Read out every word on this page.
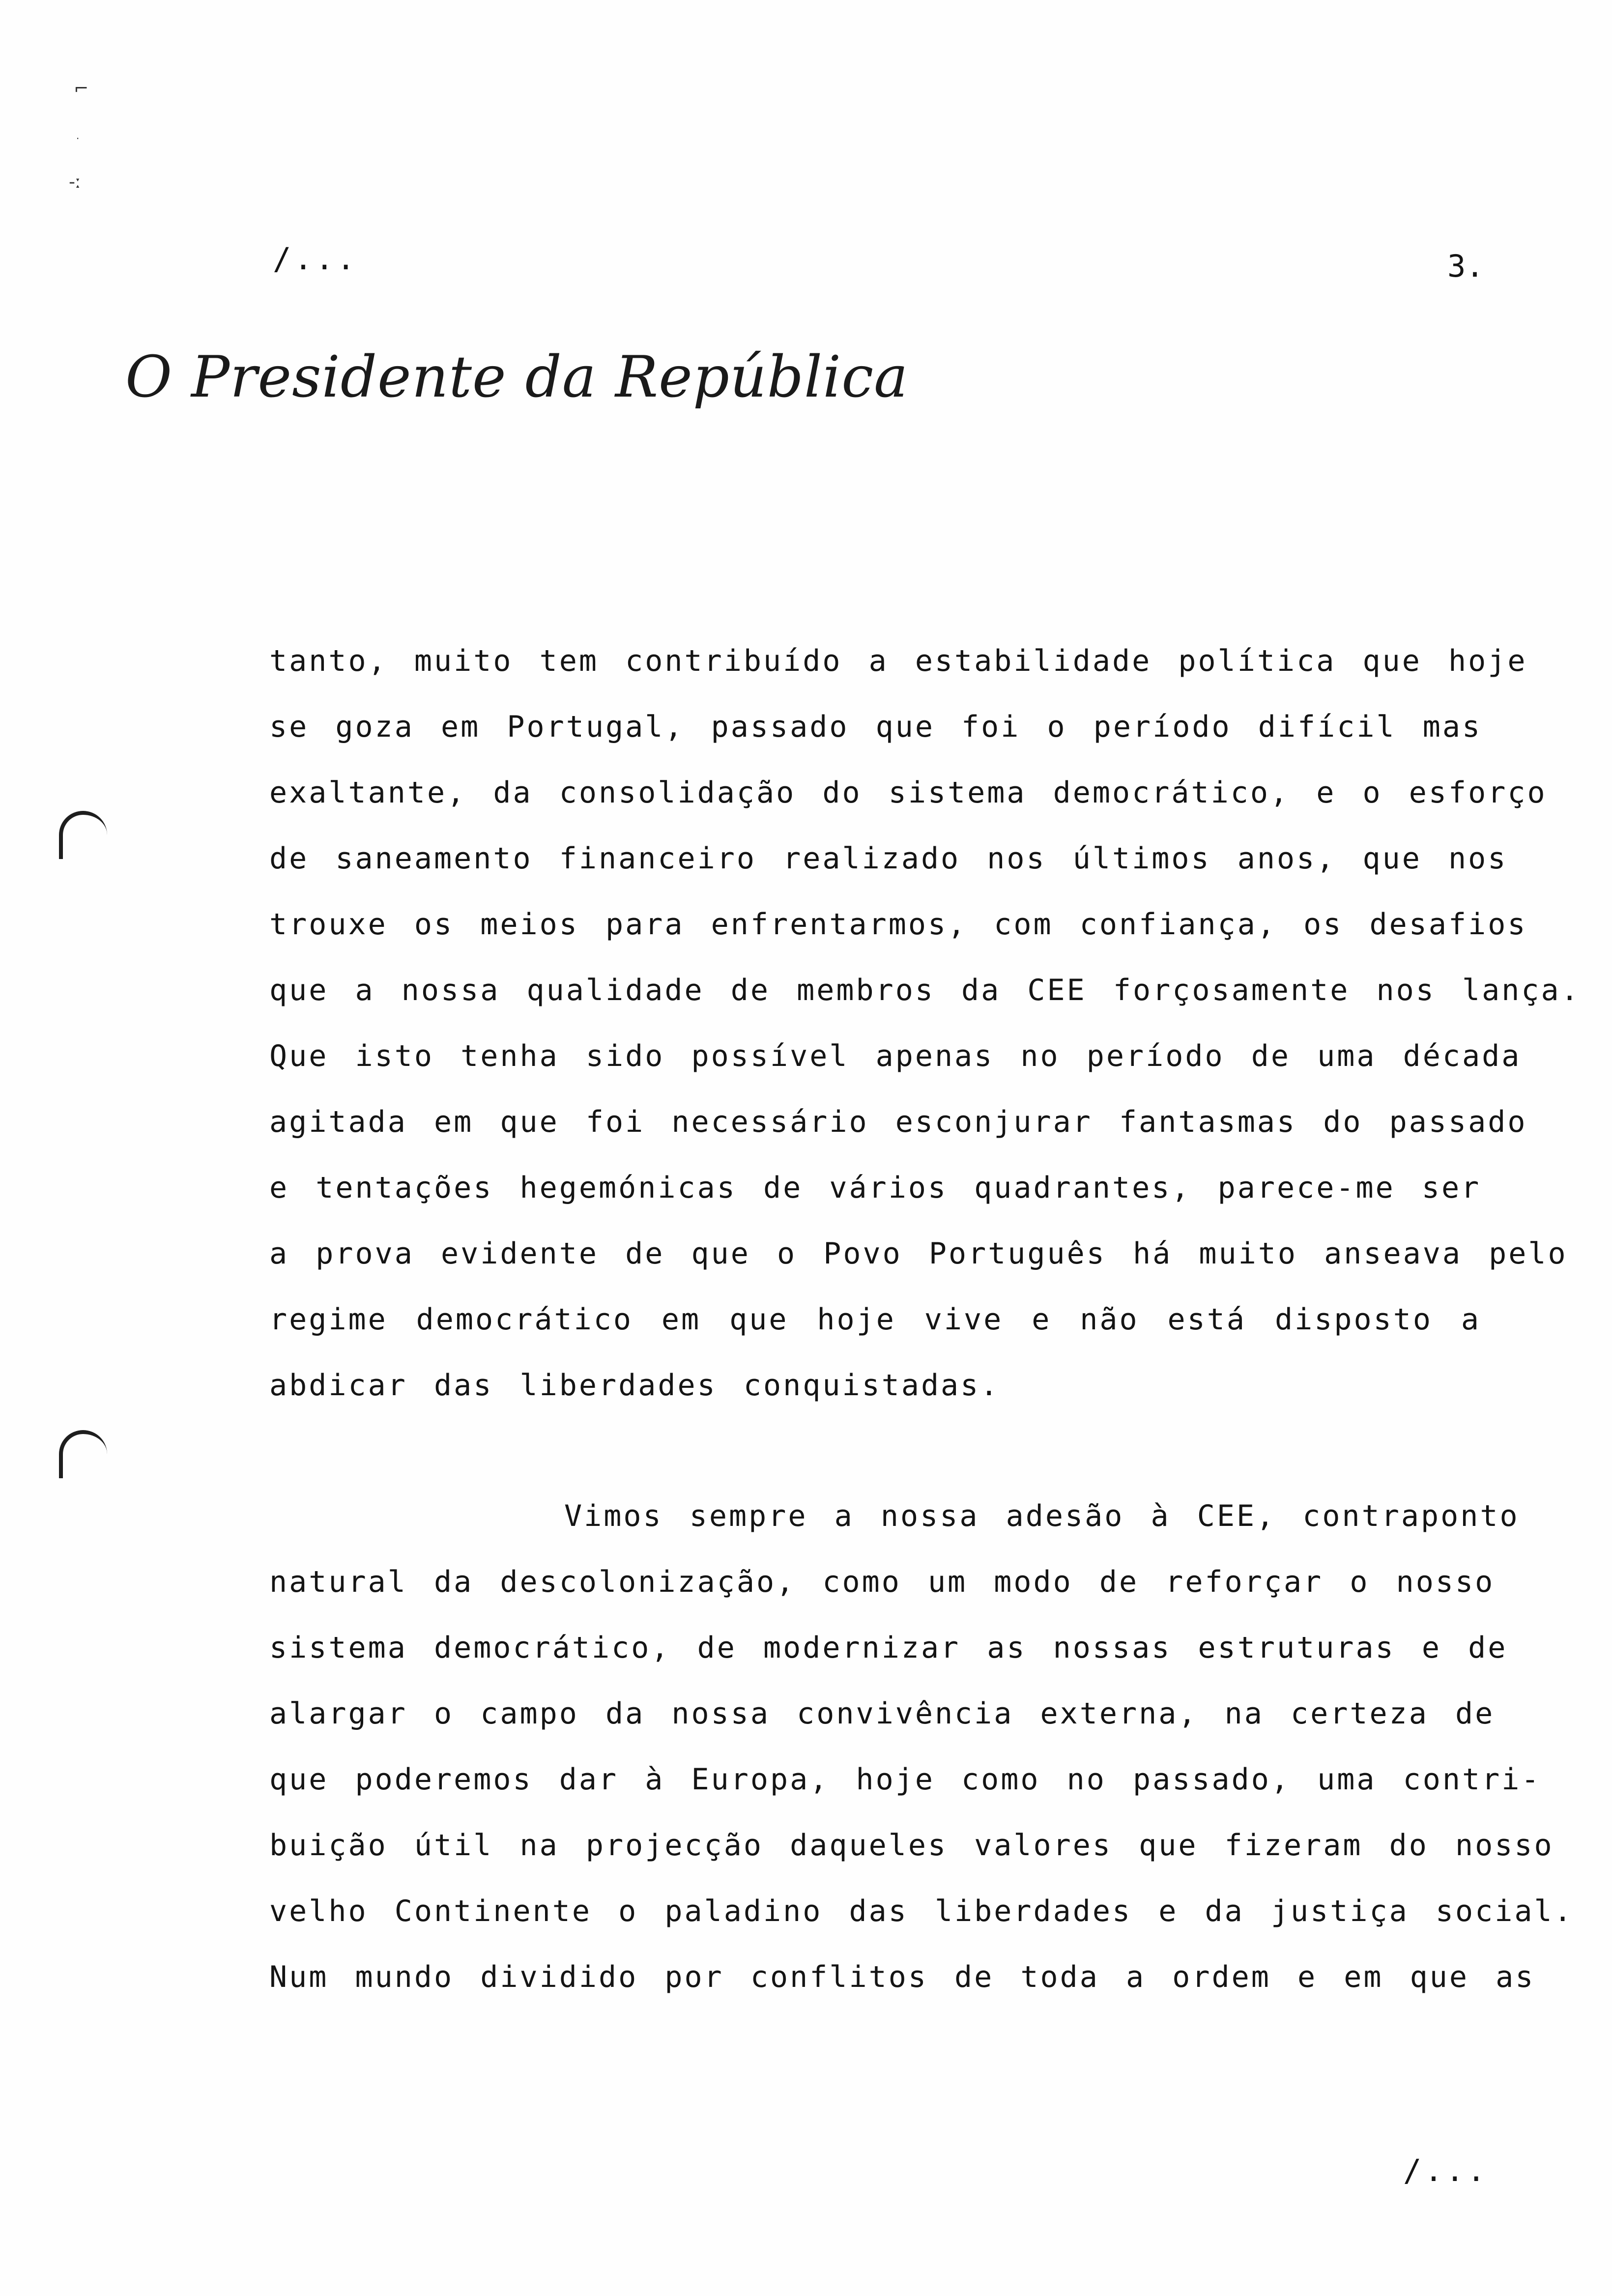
⌐
·
‐ː
/...	3.
O Presidente da República
tanto, muito tem contribuído a estabilidade política que hoje
se goza em Portugal, passado que foi o período difícil mas
exaltante, da consolidação do sistema democrático, e o esforço
de saneamento financeiro realizado nos últimos anos, que nos
trouxe os meios para enfrentarmos, com confiança, os desafios
que a nossa qualidade de membros da CEE forçosamente nos lança.
Que isto tenha sido possível apenas no período de uma década
agitada em que foi necessário esconjurar fantasmas do passado
e tentações hegemónicas de vários quadrantes, parece-me ser
a prova evidente de que o Povo Português há muito anseava pelo
regime democrático em que hoje vive e não está disposto a
abdicar das liberdades conquistadas.
Vimos sempre a nossa adesão à CEE, contraponto
natural da descolonização, como um modo de reforçar o nosso
sistema democrático, de modernizar as nossas estruturas e de
alargar o campo da nossa convivência externa, na certeza de
que poderemos dar à Europa, hoje como no passado, uma contri-
buição útil na projecção daqueles valores que fizeram do nosso
velho Continente o paladino das liberdades e da justiça social.
Num mundo dividido por conflitos de toda a ordem e em que as
/...
